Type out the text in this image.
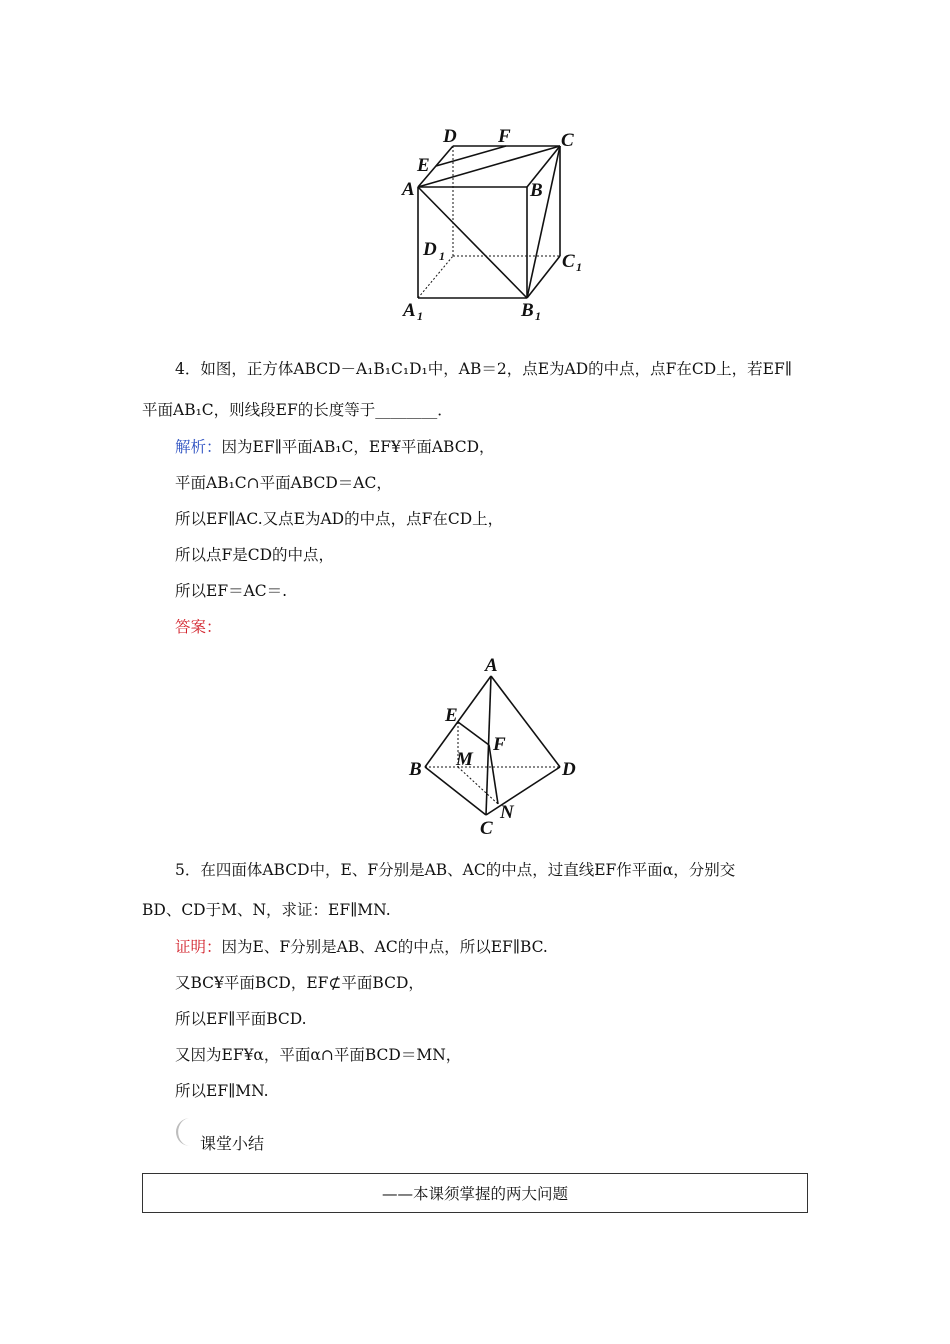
D F	C
E
A	B
D 1	C 1
A 1	B 1
4．如图，正方体ABCD－A₁B₁C₁D₁中，AB＝2，点E为AD的中点，点F在CD上，若EF∥
平面AB₁C，则线段EF的长度等于________．
解析：因为EF∥平面AB₁C，EF¥平面ABCD，
平面AB₁C∩平面ABCD＝AC，
所以EF∥AC.又点E为AD的中点，点F在CD上，
所以点F是CD的中点，
所以EF＝AC＝.
答案：
A
E
F
B M	D
N
C
5．在四面体ABCD中，E、F分别是AB、AC的中点，过直线EF作平面α，分别交
BD、CD于M、N，求证：EF∥MN.
证明：因为E、F分别是AB、AC的中点，所以EF∥BC.
又BC¥平面BCD，EF⊄平面BCD，
所以EF∥平面BCD.
又因为EF¥α，平面α∩平面BCD＝MN，
所以EF∥MN.
课堂小结
——本课须掌握的两大问题
